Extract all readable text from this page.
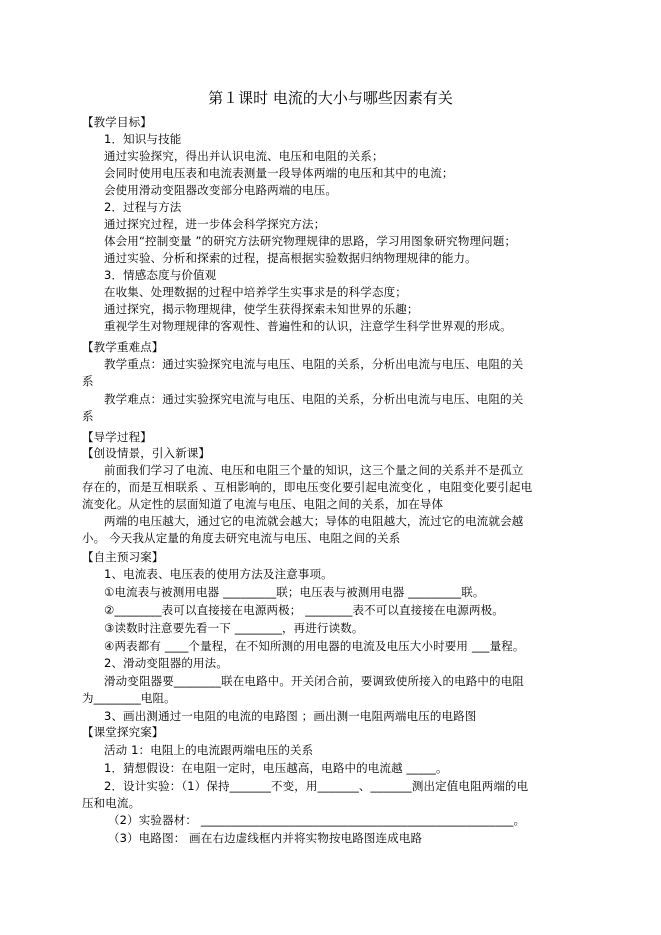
第１课时 电流的大小与哪些因素有关
【教学目标】
1．知识与技能
通过实验探究，得出并认识电流、电压和电阻的关系；
会同时使用电压表和电流表测量一段导体两端的电压和其中的电流；
会使用滑动变阻器改变部分电路两端的电压。
2．过程与方法
通过探究过程，进一步体会科学探究方法；
体会用“控制变量 ”的研究方法研究物理规律的思路，学习用图象研究物理问题；
通过实验、分析和探索的过程，提高根据实验数据归纳物理规律的能力。
3．情感态度与价值观
在收集、处理数据的过程中培养学生实事求是的科学态度；
通过探究，揭示物理规律，使学生获得探索未知世界的乐趣；
重视学生对物理规律的客观性、普遍性和的认识，注意学生科学世界观的形成。
【教学重难点】
教学重点：通过实验探究电流与电压、电阻的关系，分析出电流与电压、电阻的关
系
教学难点：通过实验探究电流与电压、电阻的关系，分析出电流与电压、电阻的关
系
【导学过程】
【创设情景，引入新课】
前面我们学习了电流、电压和电阻三个量的知识，这三个量之间的关系并不是孤立
存在的，而是互相联系 、互相影响的，即电压变化要引起电流变化 ，电阻变化要引起电
流变化。从定性的层面知道了电流与电压、电阻之间的关系，加在导体
两端的电压越大，通过它的电流就会越大；导体的电阻越大，流过它的电流就会越
小。 今天我从定量的角度去研究电流与电压、电阻之间的关系
【自主预习案】
1、电流表、电压表的使用方法及注意事项。
①电流表与被测用电器 _________联；电压表与被测用电器 _________联。
②________表可以直接接在电源两极； ________表不可以直接接在电源两极。
③读数时注意要先看一下 ________，再进行读数。
④两表都有 ____个量程，在不知所测的用电器的电流及电压大小时要用 ___量程。
2、滑动变阻器的用法。
滑动变阻器要________联在电路中。开关闭合前，要调致使所接入的电路中的电阻
为________电阻。
3、画出测通过一电阻的电流的电路图 ；画出测一电阻两端电压的电路图
【课堂探究案】
活动 1：电阻上的电流跟两端电压的关系
1．猜想假设：在电阻一定时，电压越高，电路中的电流越 _____。
2．设计实验：（1）保持_______不变，用_______、_______测出定值电阻两端的电
压和电流。
（2）实验器材： _____________________________________________________。
（3）电路图： 画在右边虚线框内并将实物按电路图连成电路
